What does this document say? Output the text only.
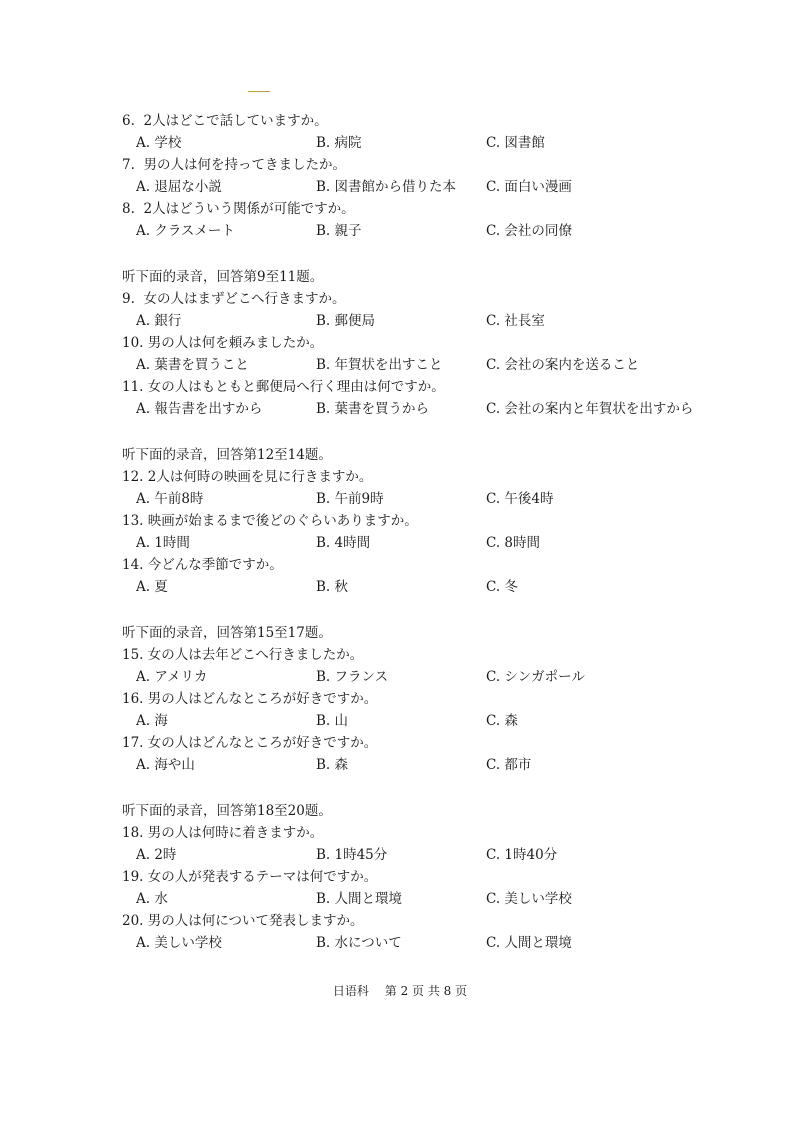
6. 2人はどこで話していますか。
A. 学校	B. 病院	C. 図書館
7. 男の人は何を持ってきましたか。
A. 退屈な小説	B. 図書館から借りた本 C. 面白い漫画
8. 2人はどういう関係が可能ですか。
A. クラスメート	B. 親子	C. 会社の同僚
听下面的录音，回答第9至11题。
9. 女の人はまずどこへ行きますか。
A. 銀行	B. 郵便局	C. 社長室
10. 男の人は何を頼みましたか。
A. 葉書を買うこと	B. 年賀状を出すこと	C. 会社の案内を送ること
11. 女の人はもともと郵便局へ行く理由は何ですか。
A. 報告書を出すから	B. 葉書を買うから	C. 会社の案内と年賀状を出すから
听下面的录音，回答第12至14题。
12. 2人は何時の映画を見に行きますか。
A. 午前8時	B. 午前9時	C. 午後4時
13. 映画が始まるまで後どのぐらいありますか。
A. 1時間	B. 4時間	C. 8時間
14. 今どんな季節ですか。
A. 夏	B. 秋	C. 冬
听下面的录音，回答第15至17题。
15. 女の人は去年どこへ行きましたか。
A. アメリカ	B. フランス	C. シンガポール
16. 男の人はどんなところが好きですか。
A. 海	B. 山	C. 森
17. 女の人はどんなところが好きですか。
A. 海や山	B. 森	C. 都市
听下面的录音，回答第18至20题。
18. 男の人は何時に着きますか。
A. 2時	B. 1時45分	C. 1時40分
19. 女の人が発表するテーマは何ですか。
A. 水	B. 人間と環境	C. 美しい学校
20. 男の人は何について発表しますか。
A. 美しい学校	B. 水について	C. 人間と環境
日语科 第 2 页 共 8 页
